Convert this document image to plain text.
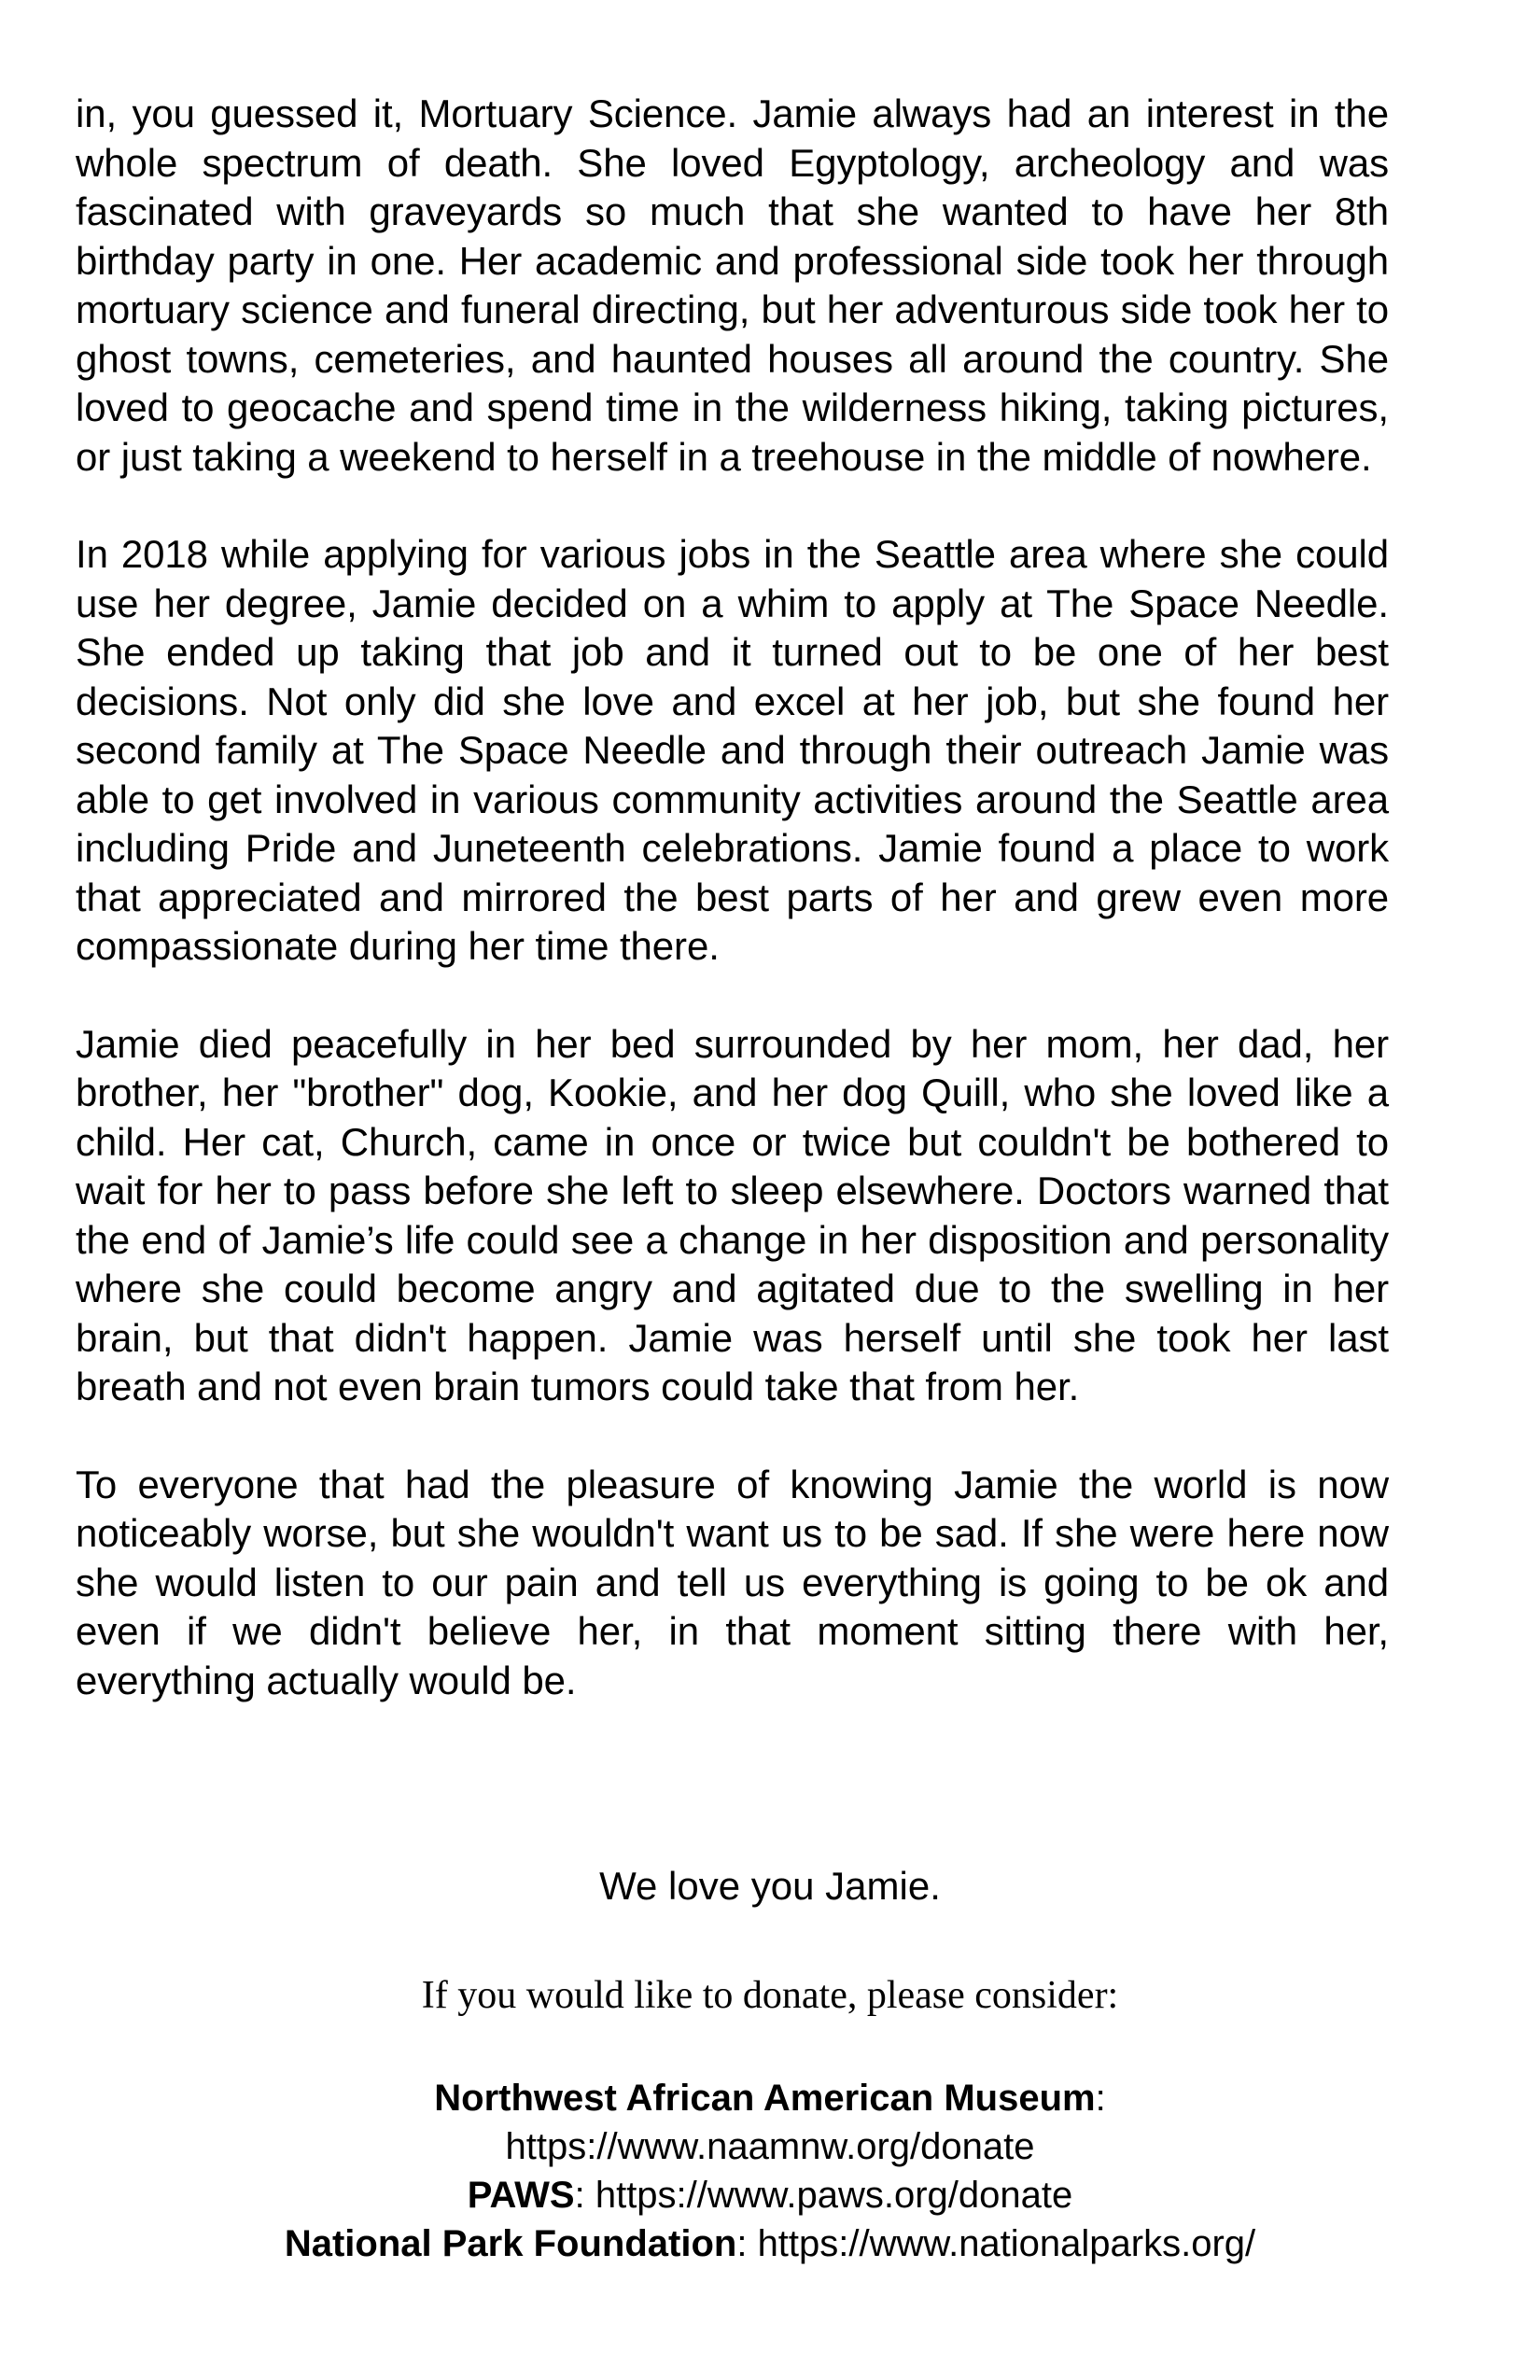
in, you guessed it, Mortuary Science. Jamie always had an interest in the whole spectrum of death. She loved Egyptology, archeology and was fascinated with graveyards so much that she wanted to have her 8th birthday party in one. Her academic and professional side took her through mortuary science and funeral directing, but her adventurous side took her to ghost towns, cemeteries, and haunted houses all around the country. She loved to geocache and spend time in the wilderness hiking, taking pictures, or just taking a weekend to herself in a treehouse in the middle of nowhere.

In 2018 while applying for various jobs in the Seattle area where she could use her degree, Jamie decided on a whim to apply at The Space Needle. She ended up taking that job and it turned out to be one of her best decisions. Not only did she love and excel at her job, but she found her second family at The Space Needle and through their outreach Jamie was able to get involved in various community activities around the Seattle area including Pride and Juneteenth celebrations. Jamie found a place to work that appreciated and mirrored the best parts of her and grew even more compassionate during her time there.

Jamie died peacefully in her bed surrounded by her mom, her dad, her brother, her "brother" dog, Kookie, and her dog Quill, who she loved like a child. Her cat, Church, came in once or twice but couldn't be bothered to wait for her to pass before she left to sleep elsewhere. Doctors warned that the end of Jamie’s life could see a change in her disposition and personality where she could become angry and agitated due to the swelling in her brain, but that didn't happen. Jamie was herself until she took her last breath and not even brain tumors could take that from her.

To everyone that had the pleasure of knowing Jamie the world is now noticeably worse, but she wouldn't want us to be sad. If she were here now she would listen to our pain and tell us everything is going to be ok and even if we didn't believe her, in that moment sitting there with her, everything actually would be.

We love you Jamie.
If you would like to donate, please consider:
Northwest African American Museum:
https://www.naamnw.org/donate
PAWS: https://www.paws.org/donate
National Park Foundation: https://www.nationalparks.org/
